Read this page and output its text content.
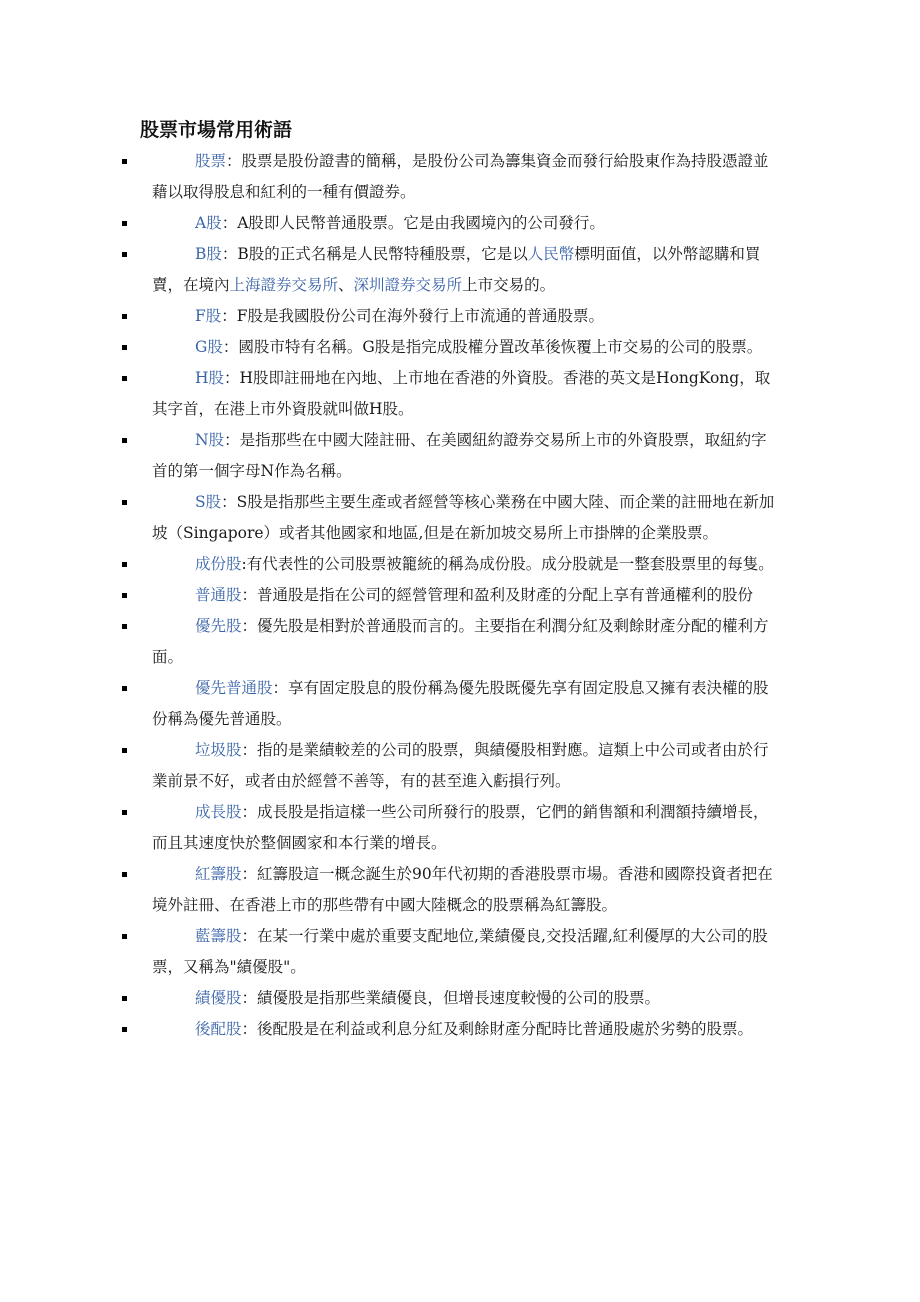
股票市場常用術語
股票：股票是股份證書的簡稱，是股份公司為籌集資金而發行給股東作為持股憑證並藉以取得股息和紅利的一種有價證券。
A股：A股即人民幣普通股票。它是由我國境內的公司發行。
B股：B股的正式名稱是人民幣特種股票，它是以人民幣標明面值，以外幣認購和買賣，在境內上海證券交易所、深圳證券交易所上市交易的。
F股：F股是我國股份公司在海外發行上市流通的普通股票。
G股：國股市特有名稱。G股是指完成股權分置改革後恢覆上市交易的公司的股票。
H股：H股即註冊地在內地、上市地在香港的外資股。香港的英文是HongKong，取其字首，在港上市外資股就叫做H股。
N股：是指那些在中國大陸註冊、在美國紐約證券交易所上市的外資股票，取紐約字首的第一個字母N作為名稱。
S股：S股是指那些主要生產或者經營等核心業務在中國大陸、而企業的註冊地在新加坡（Singapore）或者其他國家和地區,但是在新加坡交易所上市掛牌的企業股票。
成份股:有代表性的公司股票被籠統的稱為成份股。成分股就是一整套股票里的每隻。
普通股：普通股是指在公司的經營管理和盈利及財產的分配上享有普通權利的股份
優先股：優先股是相對於普通股而言的。主要指在利潤分紅及剩餘財產分配的權利方面。
優先普通股：享有固定股息的股份稱為優先股既優先享有固定股息又擁有表決權的股份稱為優先普通股。
垃圾股：指的是業績較差的公司的股票，與績優股相對應。這類上中公司或者由於行業前景不好，或者由於經營不善等，有的甚至進入虧損行列。
成長股：成長股是指這樣一些公司所發行的股票，它們的銷售額和利潤額持續增長，而且其速度快於整個國家和本行業的增長。
紅籌股：紅籌股這一概念誕生於90年代初期的香港股票市場。香港和國際投資者把在境外註冊、在香港上市的那些帶有中國大陸概念的股票稱為紅籌股。
藍籌股：在某一行業中處於重要支配地位,業績優良,交投活躍,紅利優厚的大公司的股票，又稱為"績優股"。
績優股：績優股是指那些業績優良，但增長速度較慢的公司的股票。
後配股：後配股是在利益或利息分紅及剩餘財產分配時比普通股處於劣勢的股票。
